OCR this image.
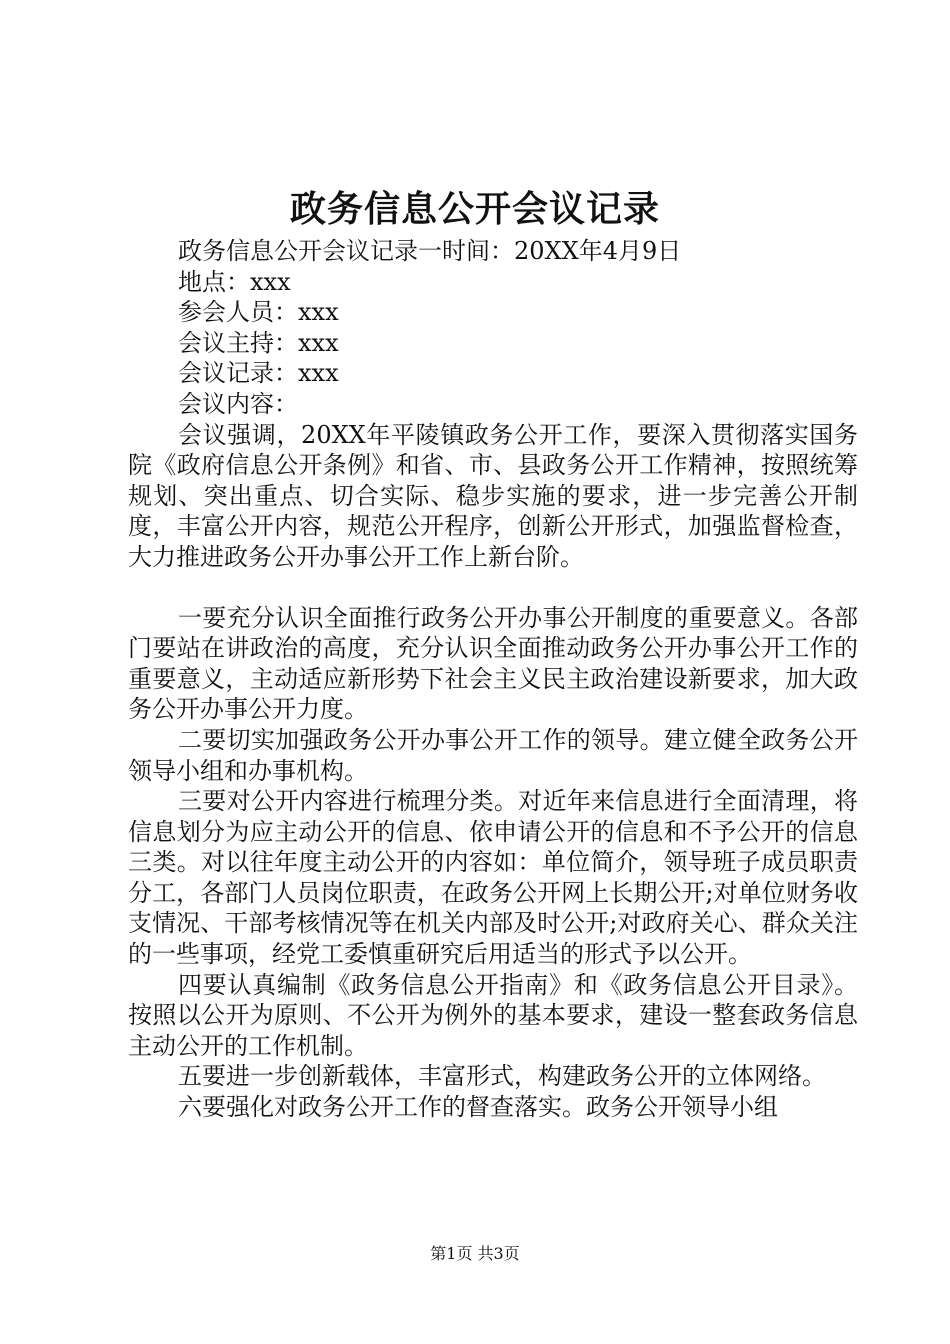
政务信息公开会议记录

政务信息公开会议记录一时间：20XX年4月9日

地点：xxx

参会人员：xxx

会议主持：xxx

会议记录：xxx

会议内容：

会议强调，20XX年平陵镇政务公开工作，要深入贯彻落实国务院《政府信息公开条例》和省、市、县政务公开工作精神，按照统筹规划、突出重点、切合实际、稳步实施的要求，进一步完善公开制度，丰富公开内容，规范公开程序，创新公开形式，加强监督检查，大力推进政务公开办事公开工作上新台阶。

一要充分认识全面推行政务公开办事公开制度的重要意义。各部门要站在讲政治的高度，充分认识全面推动政务公开办事公开工作的重要意义，主动适应新形势下社会主义民主政治建设新要求，加大政务公开办事公开力度。

二要切实加强政务公开办事公开工作的领导。建立健全政务公开领导小组和办事机构。

三要对公开内容进行梳理分类。对近年来信息进行全面清理，将信息划分为应主动公开的信息、依申请公开的信息和不予公开的信息三类。对以往年度主动公开的内容如：单位简介，领导班子成员职责分工，各部门人员岗位职责，在政务公开网上长期公开;对单位财务收支情况、干部考核情况等在机关内部及时公开;对政府关心、群众关注的一些事项，经党工委慎重研究后用适当的形式予以公开。

四要认真编制《政务信息公开指南》和《政务信息公开目录》。按照以公开为原则、不公开为例外的基本要求，建设一整套政务信息主动公开的工作机制。

五要进一步创新载体，丰富形式，构建政务公开的立体网络。

六要强化对政务公开工作的督查落实。政务公开领导小组

第1页 共3页
